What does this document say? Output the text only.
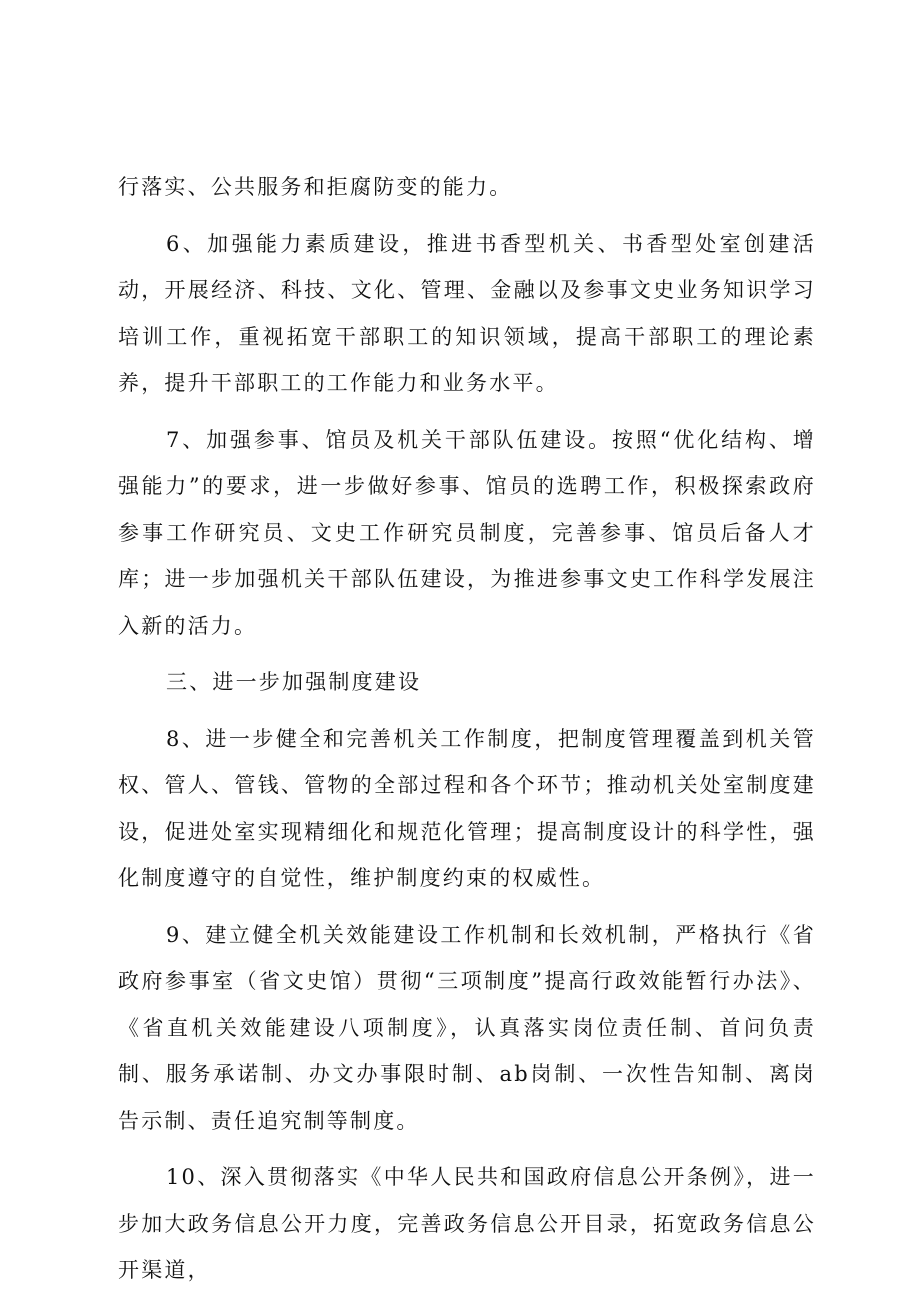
行落实、公共服务和拒腐防变的能力。

6、加强能力素质建设，推进书香型机关、书香型处室创建活动，开展经济、科技、文化、管理、金融以及参事文史业务知识学习培训工作，重视拓宽干部职工的知识领域，提高干部职工的理论素养，提升干部职工的工作能力和业务水平。

7、加强参事、馆员及机关干部队伍建设。按照“优化结构、增强能力”的要求，进一步做好参事、馆员的选聘工作，积极探索政府参事工作研究员、文史工作研究员制度，完善参事、馆员后备人才库；进一步加强机关干部队伍建设，为推进参事文史工作科学发展注入新的活力。

三、进一步加强制度建设

8、进一步健全和完善机关工作制度，把制度管理覆盖到机关管权、管人、管钱、管物的全部过程和各个环节；推动机关处室制度建设，促进处室实现精细化和规范化管理；提高制度设计的科学性，强化制度遵守的自觉性，维护制度约束的权威性。

9、建立健全机关效能建设工作机制和长效机制，严格执行《省政府参事室（省文史馆）贯彻“三项制度”提高行政效能暂行办法》、《省直机关效能建设八项制度》，认真落实岗位责任制、首问负责制、服务承诺制、办文办事限时制、ab岗制、一次性告知制、离岗告示制、责任追究制等制度。

10、深入贯彻落实《中华人民共和国政府信息公开条例》，进一步加大政务信息公开力度，完善政务信息公开目录，拓宽政务信息公开渠道，
